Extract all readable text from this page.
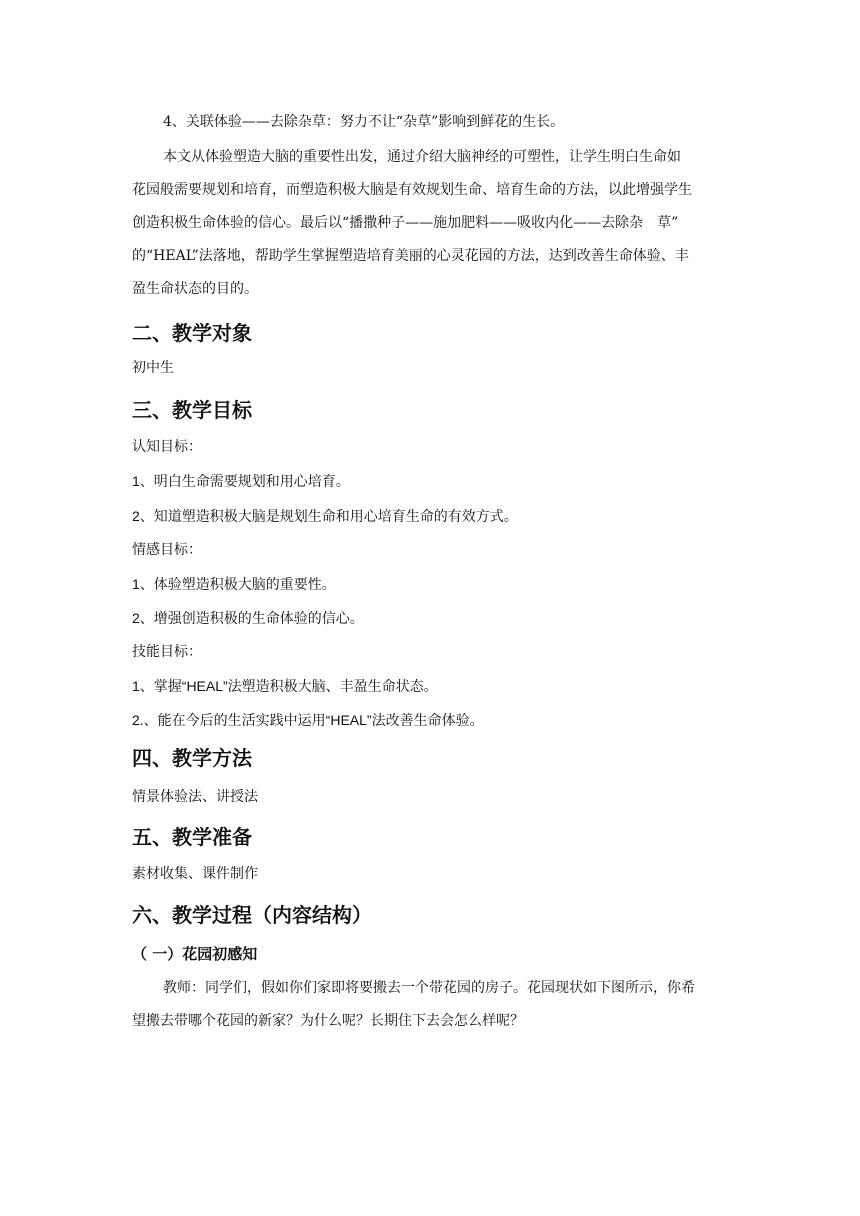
4、关联体验——去除杂草：努力不让“杂草”影响到鲜花的生长。

本文从体验塑造大脑的重要性出发，通过介绍大脑神经的可塑性，让学生明白生命如
花园般需要规划和培育，而塑造积极大脑是有效规划生命、培育生命的方法，以此增强学生
创造积极生命体验的信心。最后以“播撒种子——施加肥料——吸收内化——去除杂　草”
的“HEAL”法落地，帮助学生掌握塑造培育美丽的心灵花园的方法，达到改善生命体验、丰
盈生命状态的目的。
二、教学对象

初中生

三、教学目标

认知目标：

1、明白生命需要规划和用心培育。

2、知道塑造积极大脑是规划生命和用心培育生命的有效方式。

情感目标：

1、体验塑造积极大脑的重要性。

2、增强创造积极的生命体验的信心。

技能目标：

1、掌握“HEAL”法塑造积极大脑、丰盈生命状态。

2.、能在今后的生活实践中运用“HEAL”法改善生命体验。

四、教学方法

情景体验法、讲授法

五、教学准备

素材收集、课件制作

六、教学过程（内容结构）
（ 一）花园初感知
教师：同学们，假如你们家即将要搬去一个带花园的房子。花园现状如下图所示，你希
望搬去带哪个花园的新家？为什么呢？长期住下去会怎么样呢？
